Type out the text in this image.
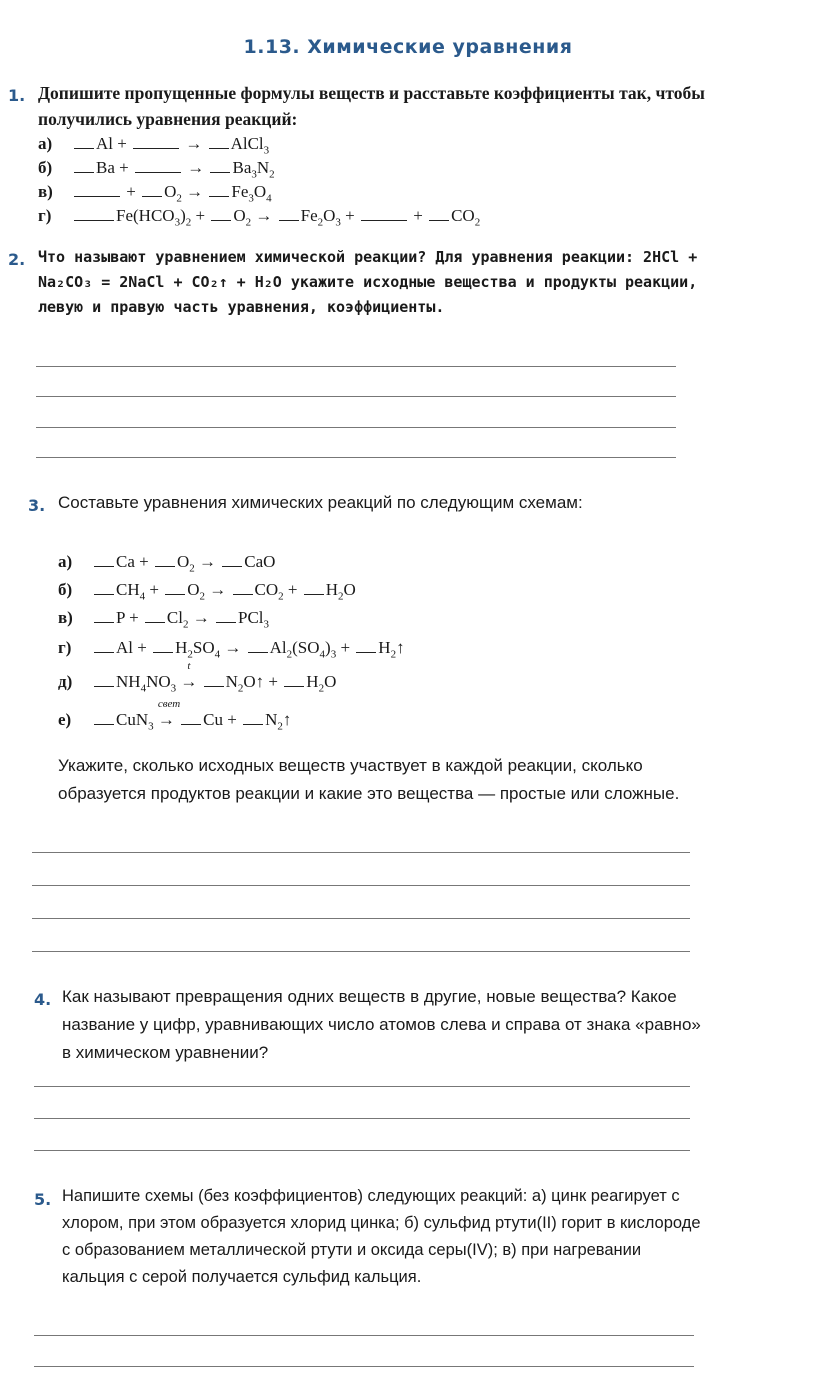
1.13. Химические уравнения
1. Допишите пропущенные формулы веществ и расставьте коэффициенты так, чтобы получились уравнения реакций:
а)	Al +	→ AlCl$_3$
б)	Ba +	→ $Ba_3N_2$
в)	+ $O_2 \to Fe_3O_4$
г)	$Fe(HCO_3)_2 + O_2 \to Fe_2O_3$ +	+ $CO_2$
2. Что называют уравнением химической реакции? Для уравнения реакции: 2HCl + Na₂CO₃ = 2NaCl + CO₂↑ + H₂O укажите исходные вещества и продукты реакции, левую и правую часть уравнения, коэффициенты.
3. Составьте уравнения химических реакций по следующим схемам:
а)	$Ca + O_2$ → CaO
б)	$CH_4 + O_2 \to CO_2 + H_2O$
в)	$P + Cl_2 \to PCl_3$
г)	$Al + H_2SO_4 \to Al_2(SO_4)_3$ + $H_2↑$
д)	$NH_4NO_3$
t
→ $N_2O↑ + H_2O$
е)	CuN$_3$
свет
→ $Cu + N_2↑$
Укажите, сколько исходных веществ участвует в каждой реакции, сколько образуется продуктов реакции и какие это вещества — простые или сложные.
4. Как называют превращения одних веществ в другие, новые вещества? Какое название у цифр, уравнивающих число атомов слева и справа от знака «равно» в химическом уравнении?
5. Напишите схемы (без коэффициентов) следующих реакций: а) цинк реагирует с хлором, при этом образуется хлорид цинка; б) сульфид ртути(II) горит в кислороде с образованием металлической ртути и оксида серы(IV); в) при нагревании кальция с серой получается сульфид кальция.
